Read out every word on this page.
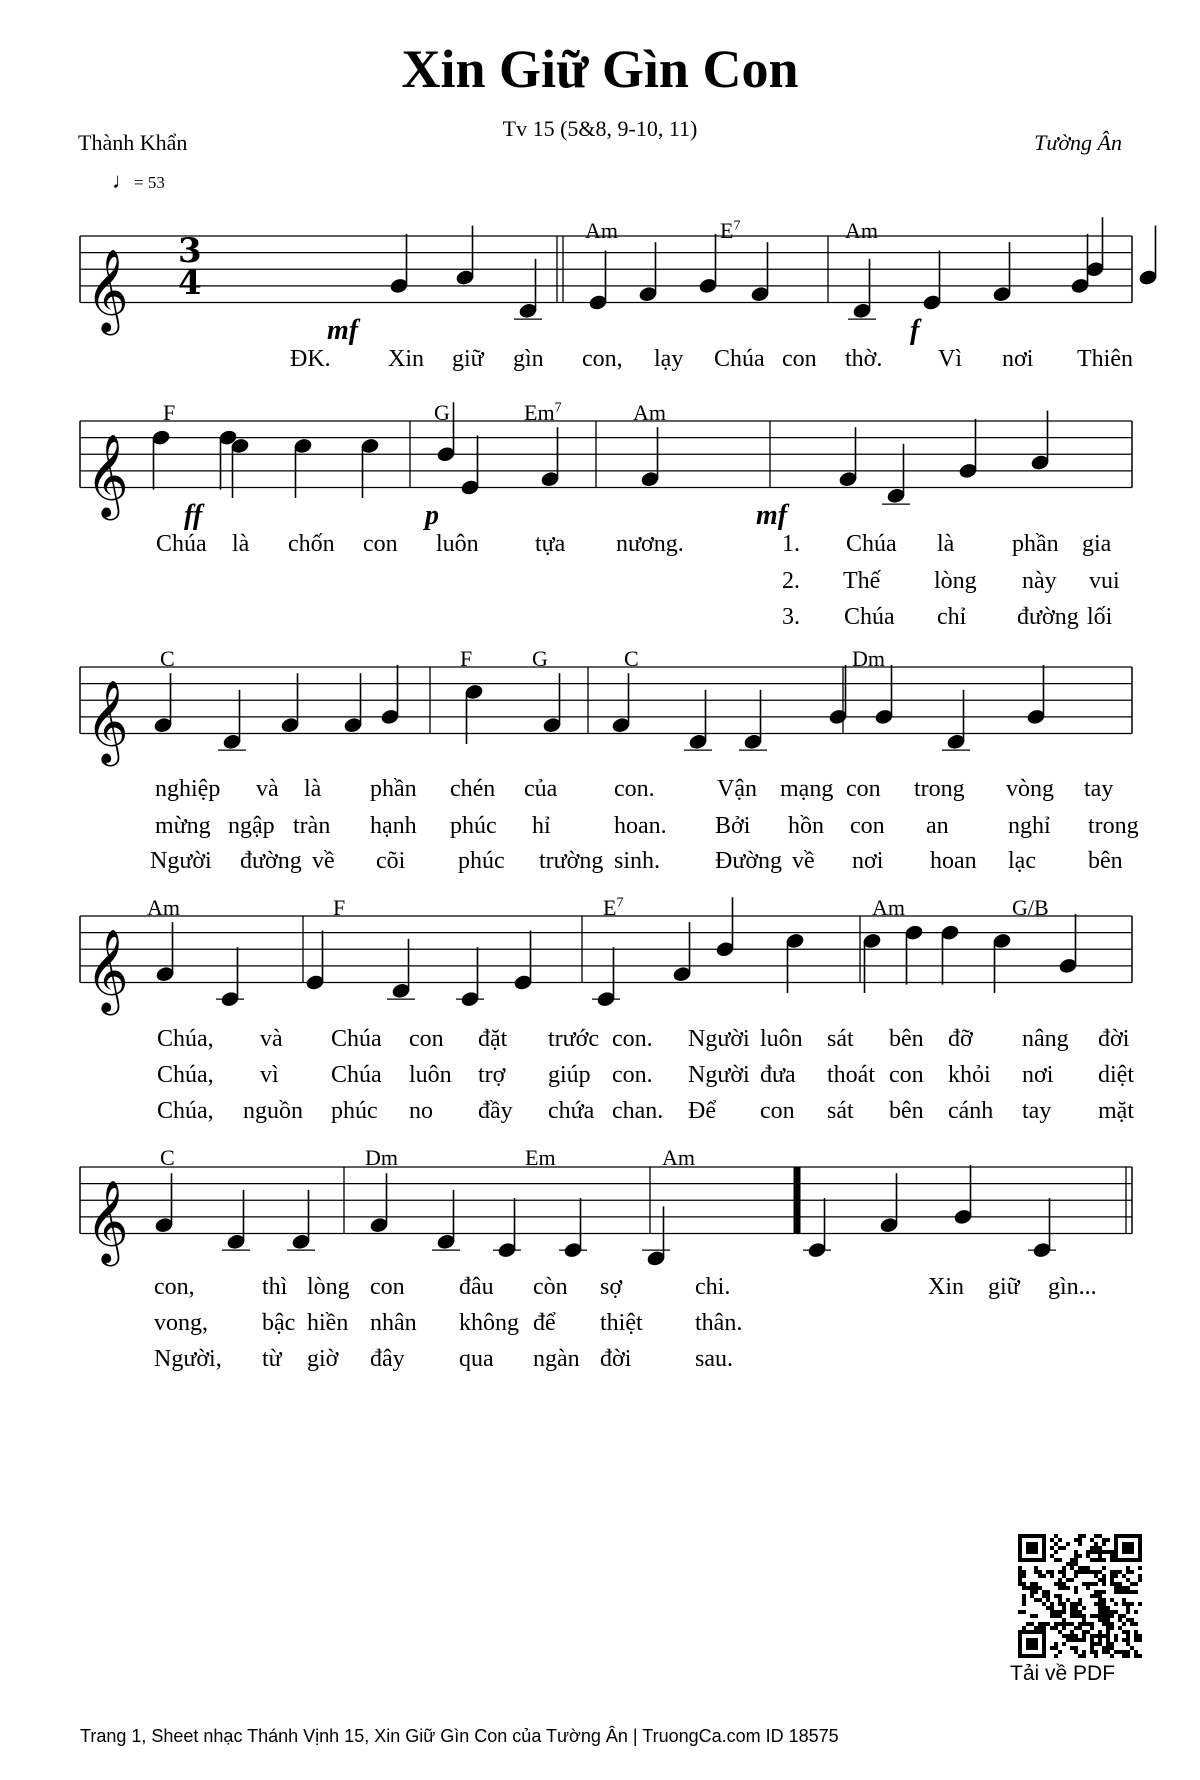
Xin Giữ Gìn Con
Tv 15 (5&8, 9-10, 11)
Thành Khẩn	Tường Ân
♩= 53
𝄞
𝄞
𝄞
𝄞
𝄞
3
4
Am	$E^7$	Am
mf	f
ĐK. Xin giữ gìn con, lạy Chúa con thờ. Vì nơi Thiên
F	G	Em$^7$	Am
ff	p	mf
Chúa là chốn con luôn tựa nương.	1. Chúa là phần gia
2. Thế lòng này vui
3. Chúa chỉ đường lối
C	F	G	C	Dm
nghiệp và là phần chén của con.	Vận mạng con trong vòng tay
mừng ngập tràn hạnh phúc hỉ	hoan. Bởi hồn con an nghỉ trong
Người đường về cõi phúc trường sinh. Đường về nơi hoan lạc bên
Am	F	$E^7$	Am	G/B
Chúa, và Chúa con đặt trước con. Người luôn sát bên đỡ nâng đời
Chúa, vì Chúa luôn trợ giúp con. Người đưa thoát con khỏi nơi diệt
Chúa, nguồn phúc no đầy chứa chan. Để con sát bên cánh tay mặt
C	Dm	Em	Am
con,	thì lòng con đâu còn sợ	chi.	Xin giữ gìn...
vong, bậc hiền nhân không để thiệt thân.
Người, từ giờ đây qua ngàn đời	sau.
Tải về PDF
Trang 1, Sheet nhạc Thánh Vịnh 15, Xin Giữ Gìn Con của Tường Ân | TruongCa.com ID 18575
